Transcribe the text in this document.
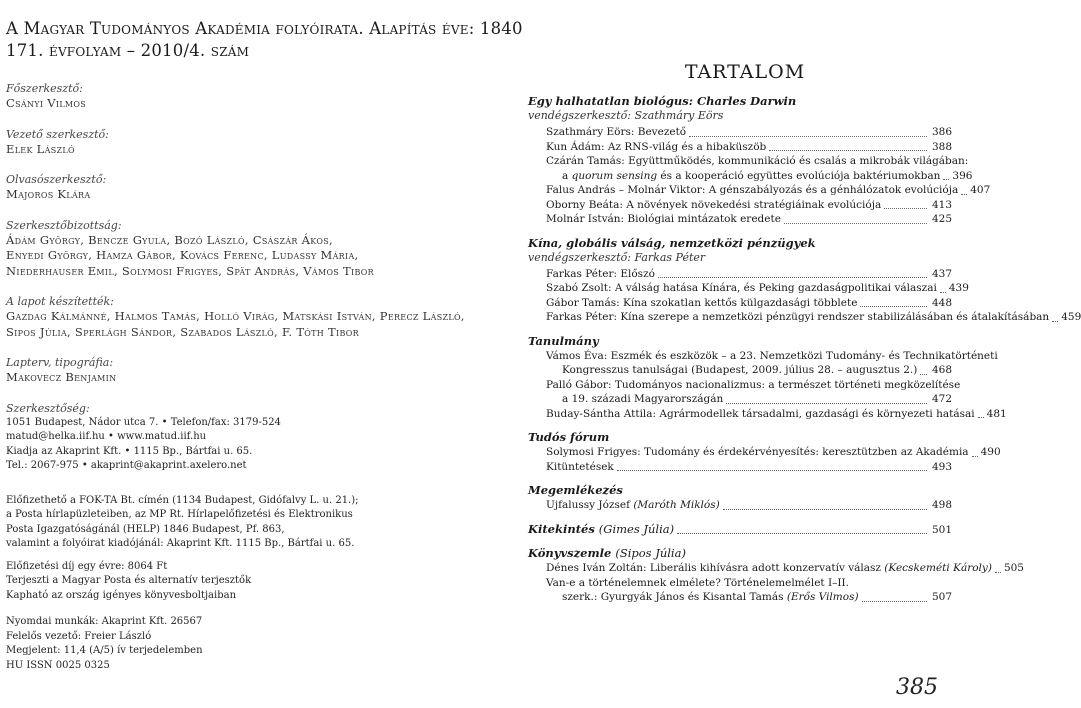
A Magyar Tudományos Akadémia folyóirata. Alapítás éve: 1840
171. évfolyam – 2010/4. szám
Főszerkesztő:
Csányi Vilmos
Vezető szerkesztő:
Elek László
Olvasószerkesztő:
Majoros Klára
Szerkesztőbizottság:
Ádám György, Bencze Gyula, Bozó László, Császár Ákos,
Enyedi György, Hamza Gábor, Kovács Ferenc, Ludassy Mária,
Niederhauser Emil, Solymosi Frigyes, Spät András, Vámos Tibor
A lapot készítették:
Gazdag Kálmánné, Halmos Tamás, Holló Virág, Matskási István, Perecz László,
Sipos Júlia, Sperlágh Sándor, Szabados László, F. Tóth Tibor
Lapterv, tipográfia:
Makovecz Benjamin
Szerkesztőség:
1051 Budapest, Nádor utca 7. • Telefon/fax: 3179-524
matud@helka.iif.hu • www.matud.iif.hu
Kiadja az Akaprint Kft. • 1115 Bp., Bártfai u. 65.
Tel.: 2067-975 • akaprint@akaprint.axelero.net
Előfizethető a FOK-TA Bt. címén (1134 Budapest, Gidófalvy L. u. 21.);
a Posta hírlapüzleteiben, az MP Rt. Hírlapelőfizetési és Elektronikus
Posta Igazgatóságánál (HELP) 1846 Budapest, Pf. 863,
valamint a folyóirat kiadójánál: Akaprint Kft. 1115 Bp., Bártfai u. 65.
Előfizetési díj egy évre: 8064 Ft
Terjeszti a Magyar Posta és alternatív terjesztők
Kapható az ország igényes könyvesboltjaiban
Nyomdai munkák: Akaprint Kft. 26567
Felelős vezető: Freier László
Megjelent: 11,4 (A/5) ív terjedelemben
HU ISSN 0025 0325
TARTALOM
Egy halhatatlan biológus: Charles Darwin
vendégszerkesztő: Szathmáry Eörs
Szathmáry Eörs: Bevezető	386
Kun Ádám: Az RNS-világ és a hibaküszöb	388
Czárán Tamás: Együttműködés, kommunikáció és csalás a mikrobák világában:
a quorum sensing és a kooperáció együttes evolúciója baktériumokban 396
Falus András – Molnár Viktor: A génszabályozás és a génhálózatok evolúciója 407
Oborny Beáta: A növények növekedési stratégiáinak evolúciója	413
Molnár István: Biológiai mintázatok eredete	425
Kína, globális válság, nemzetközi pénzügyek
vendégszerkesztő: Farkas Péter
Farkas Péter: Előszó	437
Szabó Zsolt: A válság hatása Kínára, és Peking gazdaságpolitikai válaszai 439
Gábor Tamás: Kína szokatlan kettős külgazdasági többlete	448
Farkas Péter: Kína szerepe a nemzetközi pénzügyi rendszer stabilizálásában és átalakításában 459
Tanulmány
Vámos Éva: Eszmék és eszközök – a 23. Nemzetközi Tudomány- és Technikatörténeti
Kongresszus tanulságai (Budapest, 2009. július 28. – augusztus 2.) 468
Palló Gábor: Tudományos nacionalizmus: a természet történeti megközelítése
a 19. századi Magyarországán	472
Buday-Sántha Attila: Agrármodellek társadalmi, gazdasági és környezeti hatásai 481
Tudós fórum
Solymosi Frigyes: Tudomány és érdekérvényesítés: keresztützben az Akadémia 490
Kitüntetések	493
Megemlékezés
Ujfalussy József (Maróth Miklós)	498
Kitekintés (Gimes Júlia)	501
Könyvszemle (Sipos Júlia)
Dénes Iván Zoltán: Liberális kihívásra adott konzervatív válasz (Kecskeméti Károly) 505
Van-e a történelemnek elmélete? Történelemelmélet I–II.
szerk.: Gyurgyák János és Kisantal Tamás (Erős Vilmos)	507
385
